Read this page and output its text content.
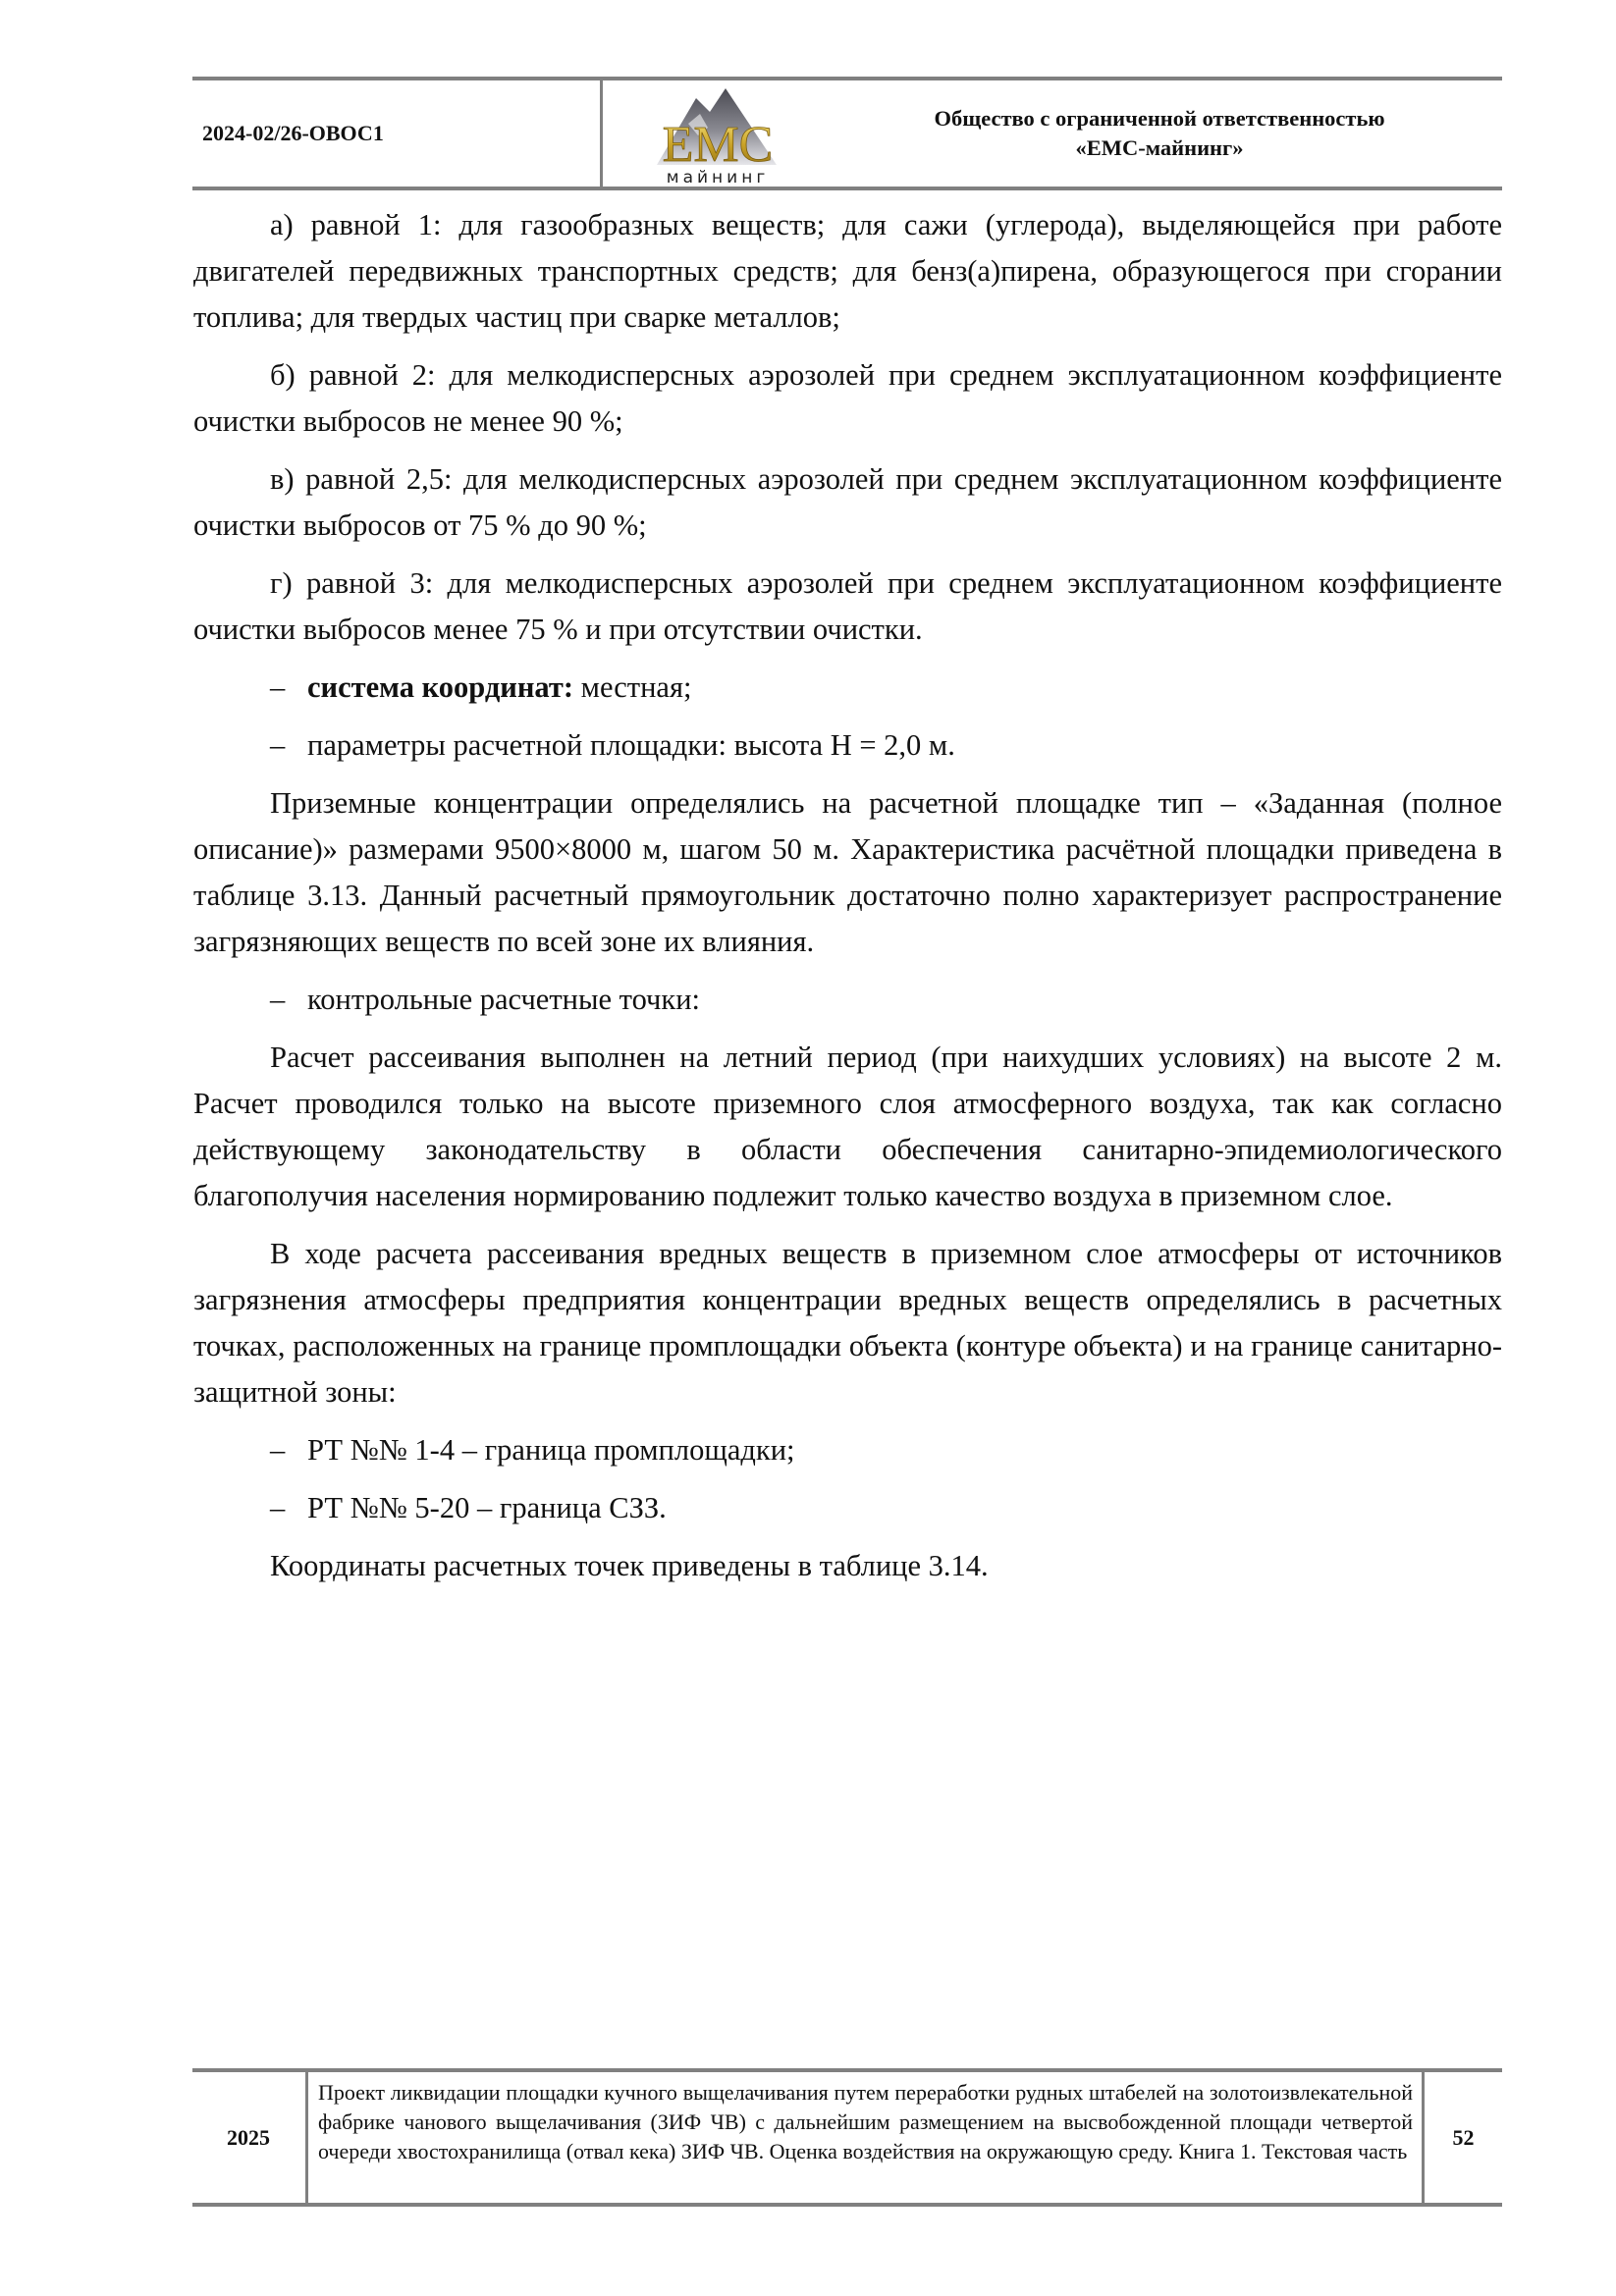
2024-02/26-ОВОС1	EMC
майнинг
Общество с ограниченной ответственностью
«ЕМС-майнинг»
а) равной 1: для газообразных веществ; для сажи (углерода), выделяющейся при работе двигателей передвижных транспортных средств; для бенз(а)пирена, образующегося при сгорании топлива; для твердых частиц при сварке металлов;
б) равной 2: для мелкодисперсных аэрозолей при среднем эксплуатационном коэффициенте очистки выбросов не менее 90 %;
в) равной 2,5: для мелкодисперсных аэрозолей при среднем эксплуатационном коэффициенте очистки выбросов от 75 % до 90 %;
г) равной 3: для мелкодисперсных аэрозолей при среднем эксплуатационном коэффициенте очистки выбросов менее 75 % и при отсутствии очистки.
– система координат: местная;
– параметры расчетной площадки: высота H = 2,0 м.
Приземные концентрации определялись на расчетной площадке тип – «Заданная (полное описание)» размерами 9500×8000 м, шагом 50 м. Характеристика расчётной площадки приведена в таблице 3.13. Данный расчетный прямоугольник достаточно полно характеризует распространение загрязняющих веществ по всей зоне их влияния.
– контрольные расчетные точки:
Расчет рассеивания выполнен на летний период (при наихудших условиях) на высоте 2 м. Расчет проводился только на высоте приземного слоя атмосферного воздуха, так как согласно действующему законодательству в области обеспечения санитарно-эпидемиологического благополучия населения нормированию подлежит только качество воздуха в приземном слое.
В ходе расчета рассеивания вредных веществ в приземном слое атмосферы от источников загрязнения атмосферы предприятия концентрации вредных веществ определялись в расчетных точках, расположенных на границе промплощадки объекта (контуре объекта) и на границе санитарно-защитной зоны:
– РТ №№ 1-4 – граница промплощадки;
– РТ №№ 5-20 – граница СЗЗ.
Координаты расчетных точек приведены в таблице 3.14.
2025
Проект ликвидации площадки кучного выщелачивания путем переработки рудных штабелей на золотоизвлекательной фабрике чанового выщелачивания (ЗИФ ЧВ) с дальнейшим размещением на высвобожденной площади четвертой очереди хвостохранилища (отвал кека) ЗИФ ЧВ. Оценка воздействия на окружающую среду. Книга 1. Текстовая часть
52
